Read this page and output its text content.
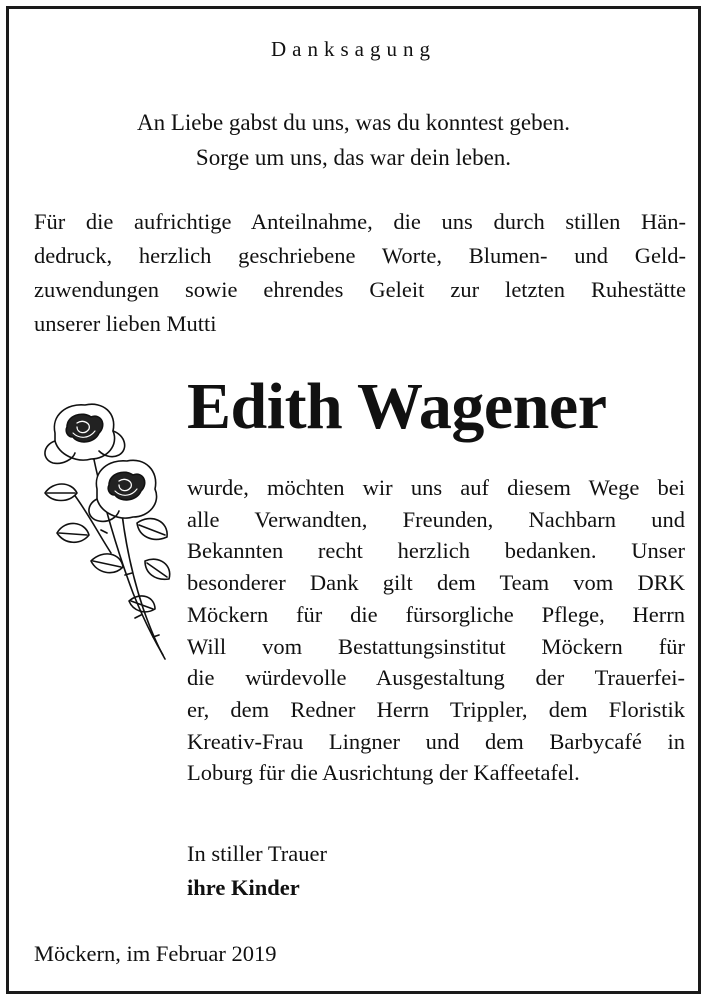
Danksagung
An Liebe gabst du uns, was du konntest geben.
Sorge um uns, das war dein leben.
Für die aufrichtige Anteilnahme, die uns durch stillen Hän-
dedruck, herzlich geschriebene Worte, Blumen- und Geld-
zuwendungen sowie ehrendes Geleit zur letzten Ruhestätte
unserer lieben Mutti
Edith Wagener
wurde, möchten wir uns auf diesem Wege bei
alle Verwandten, Freunden, Nachbarn und
Bekannten recht herzlich bedanken. Unser
besonderer Dank gilt dem Team vom DRK
Möckern für die fürsorgliche Pflege, Herrn
Will vom Bestattungsinstitut Möckern für
die würdevolle Ausgestaltung der Trauerfei-
er, dem Redner Herrn Trippler, dem Floristik
Kreativ-Frau Lingner und dem Barbycafé in
Loburg für die Ausrichtung der Kaffeetafel.
In stiller Trauer
ihre Kinder
Möckern, im Februar 2019
